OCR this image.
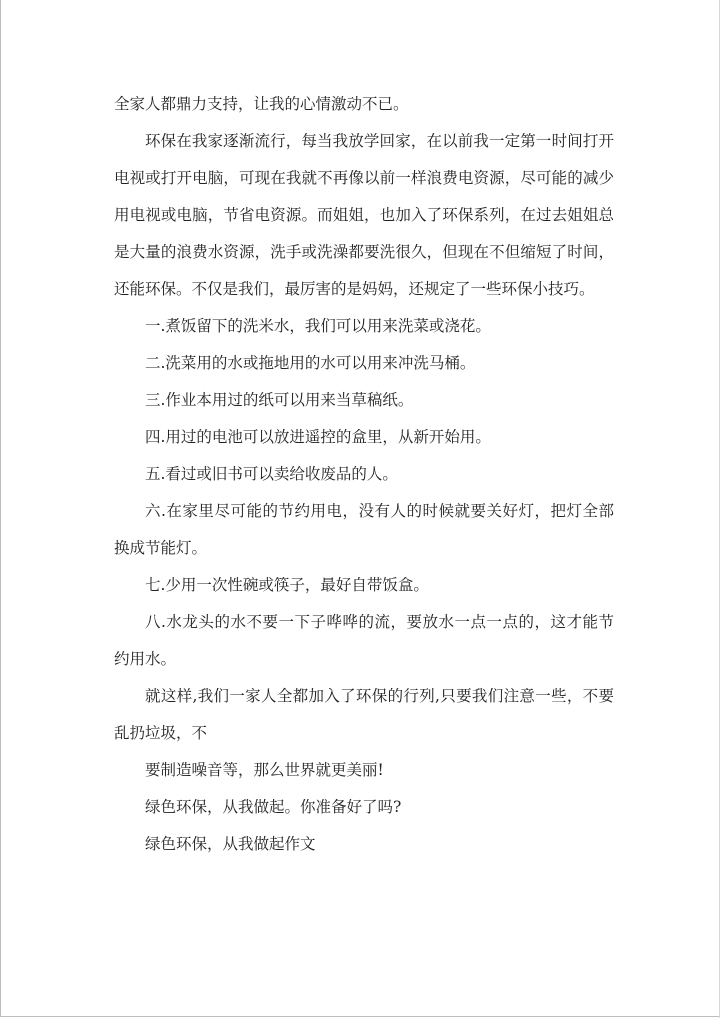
全家人都鼎力支持，让我的心情激动不已。

环保在我家逐渐流行，每当我放学回家，在以前我一定第一时间打开电视或打开电脑，可现在我就不再像以前一样浪费电资源，尽可能的减少用电视或电脑，节省电资源。而姐姐，也加入了环保系列，在过去姐姐总是大量的浪费水资源，洗手或洗澡都要洗很久，但现在不但缩短了时间，还能环保。不仅是我们，最厉害的是妈妈，还规定了一些环保小技巧。

一.煮饭留下的洗米水，我们可以用来洗菜或浇花。

二.洗菜用的水或拖地用的水可以用来冲洗马桶。

三.作业本用过的纸可以用来当草稿纸。

四.用过的电池可以放进遥控的盒里，从新开始用。

五.看过或旧书可以卖给收废品的人。

六.在家里尽可能的节约用电，没有人的时候就要关好灯，把灯全部换成节能灯。

七.少用一次性碗或筷子，最好自带饭盒。

八.水龙头的水不要一下子哗哗的流，要放水一点一点的，这才能节约用水。

就这样,我们一家人全都加入了环保的行列,只要我们注意一些，不要乱扔垃圾，不

要制造噪音等，那么世界就更美丽!

绿色环保，从我做起。你准备好了吗?

绿色环保，从我做起作文
